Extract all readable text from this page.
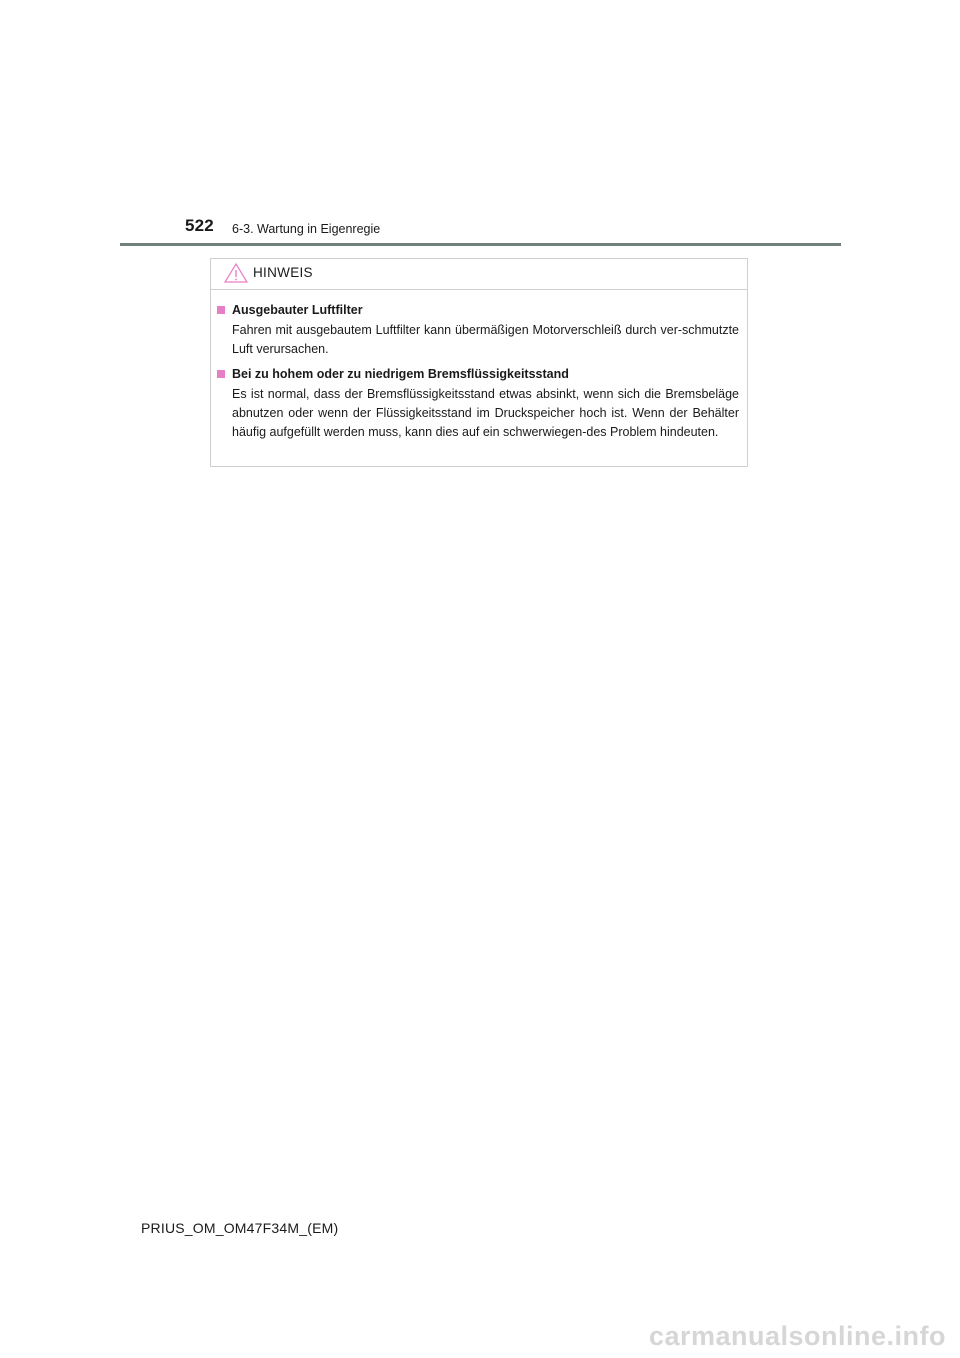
522 6-3. Wartung in Eigenregie
HINWEIS
Ausgebauter Luftfilter
Fahren mit ausgebautem Luftfilter kann übermäßigen Motorverschleiß durch ver-schmutzte Luft verursachen.
Bei zu hohem oder zu niedrigem Bremsflüssigkeitsstand
Es ist normal, dass der Bremsflüssigkeitsstand etwas absinkt, wenn sich die Bremsbeläge abnutzen oder wenn der Flüssigkeitsstand im Druckspeicher hoch ist. Wenn der Behälter häufig aufgefüllt werden muss, kann dies auf ein schwerwiegen-des Problem hindeuten.
PRIUS_OM_OM47F34M_(EM)
carmanualsonline.info
